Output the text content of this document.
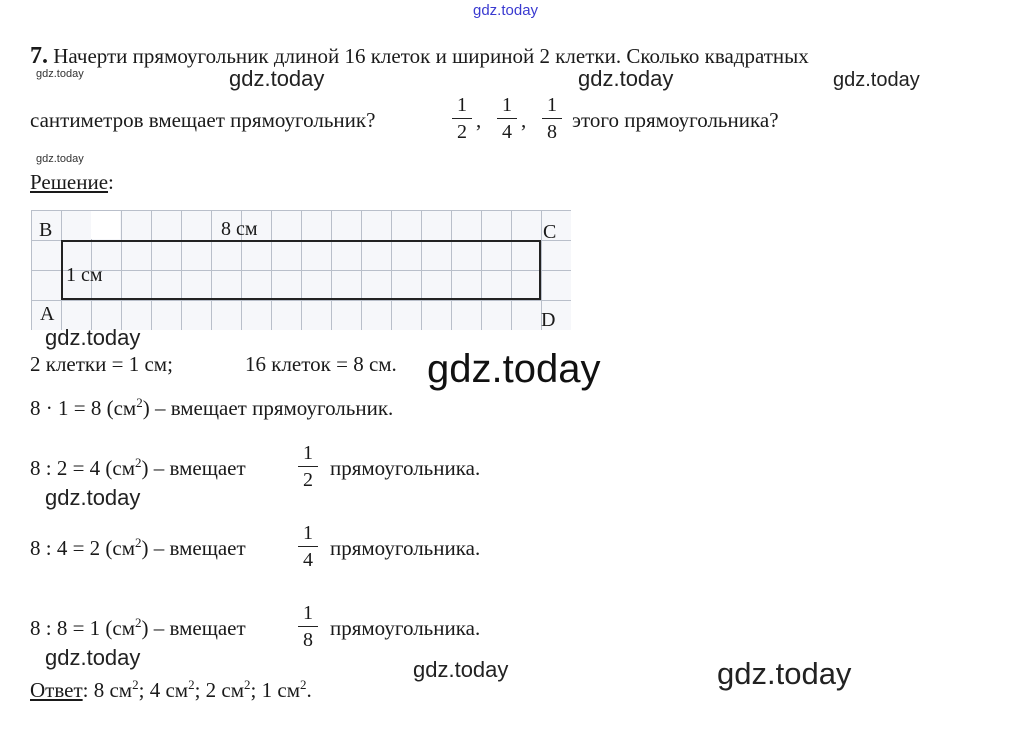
gdz.today
gdz.today	gdz.today	gdz.today	gdz.today
gdz.today
7. Начерти прямоугольник длиной 16 клеток и шириной 2 клетки. Сколько квадратных
сантиметров вмещает прямоугольник?
1
2 ,
1
4 ,
1
8 этого прямоугольника?
Решение:
B	C
A	D
8 см
1 см
gdz.today
2 клетки = 1 см;	16 клеток = 8 см. gdz.today
8 · 1 = 8 $(см^2)$ – вмещает прямоугольник.
8 : 2 = 4 $(см^2)$ – вмещает
1
2 прямоугольника.
gdz.today
8 : 4 = 2 $(см^2)$ – вмещает
1
4 прямоугольника.
8 : 8 = 1 $(см^2)$ – вмещает
1
8 прямоугольника.
gdz.today	gdz.today	gdz.today
Ответ: 8 $см^2$; 4 $см^2$; 2 $см^2$; 1 $см^2$.
